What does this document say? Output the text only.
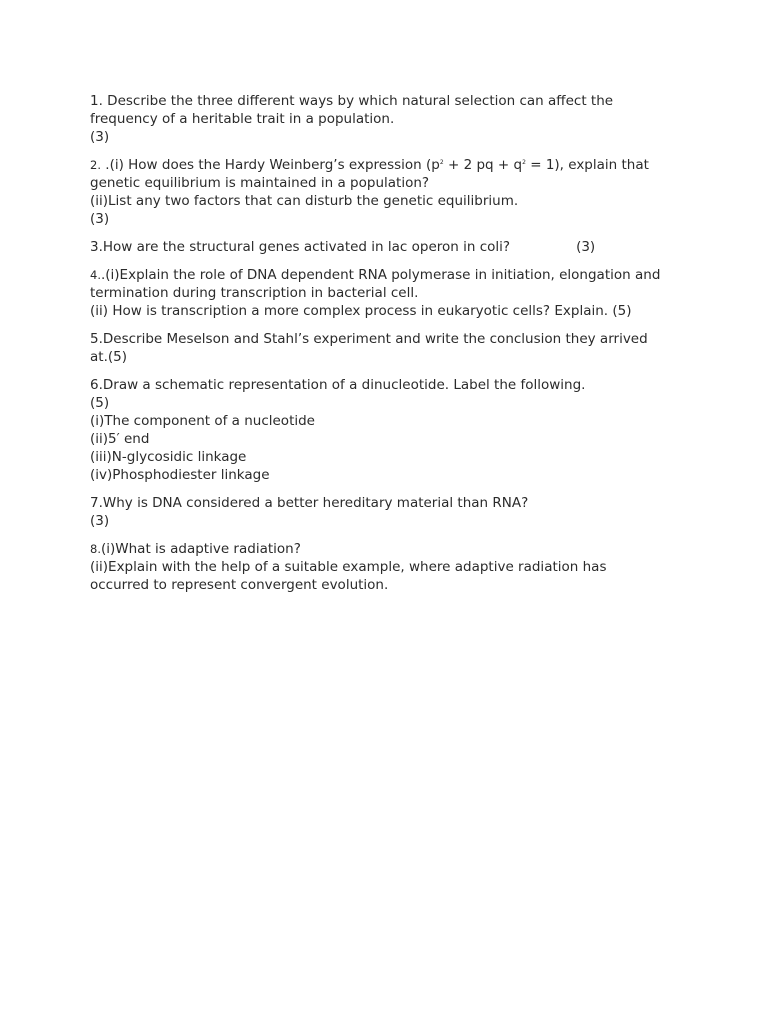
1. Describe the three different ways by which natural selection can affect the
frequency of a heritable trait in a population.
(3)
2. .(i) How does the Hardy Weinberg’s expression ($p^2 + 2$ pq + $q^2 = 1$), explain that
genetic equilibrium is maintained in a population?
(ii)List any two factors that can disturb the genetic equilibrium.
(3)
3.How are the structural genes activated in lac operon in coli?	(3)
4..(i)Explain the role of DNA dependent RNA polymerase in initiation, elongation and
termination during transcription in bacterial cell.
(ii) How is transcription a more complex process in eukaryotic cells? Explain. (5)
5.Describe Meselson and Stahl’s experiment and write the conclusion they arrived
at.(5)
6.Draw a schematic representation of a dinucleotide. Label the following.
(5)
(i)The component of a nucleotide
(ii)5′ end
(iii)N-glycosidic linkage
(iv)Phosphodiester linkage
7.Why is DNA considered a better hereditary material than RNA?
(3)
8.(i)What is adaptive radiation?
(ii)Explain with the help of a suitable example, where adaptive radiation has
occurred to represent convergent evolution.
